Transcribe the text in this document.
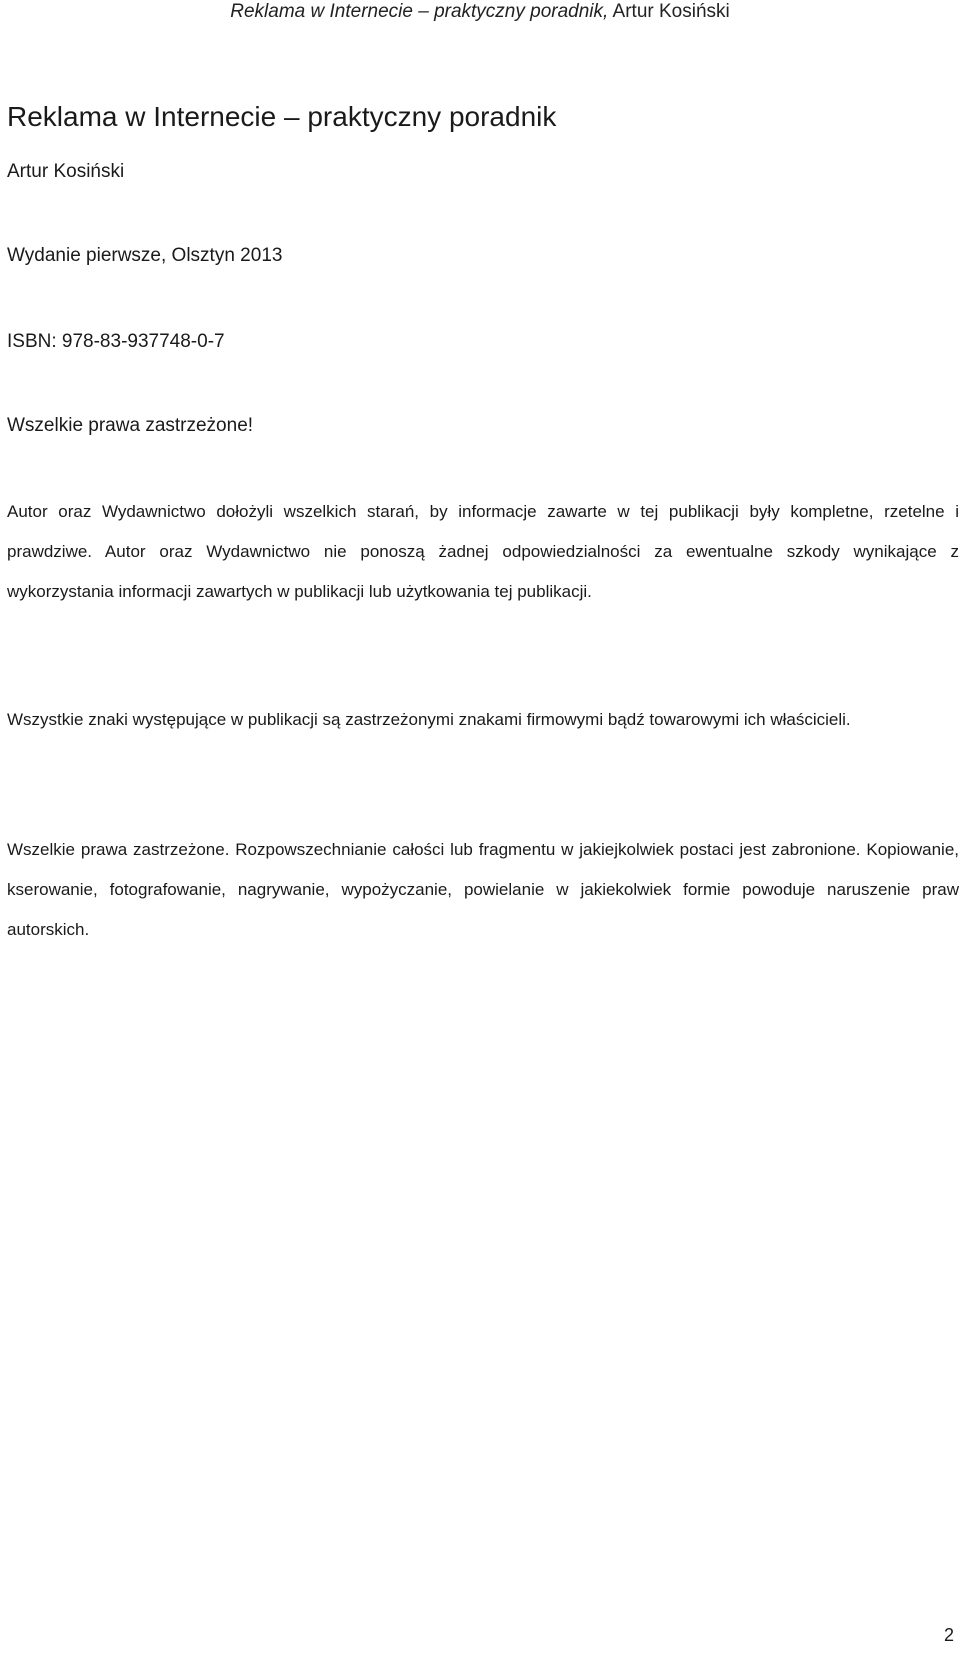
Reklama w Internecie – praktyczny poradnik, Artur Kosiński
Reklama w Internecie – praktyczny poradnik

Artur Kosiński

Wydanie pierwsze, Olsztyn 2013

ISBN: 978-83-937748-0-7

Wszelkie prawa zastrzeżone!

Autor oraz Wydawnictwo dołożyli wszelkich starań, by informacje zawarte w tej publikacji były kompletne, rzetelne i prawdziwe. Autor oraz Wydawnictwo nie ponoszą żadnej odpowiedzialności za ewentualne szkody wynikające z wykorzystania informacji zawartych w publikacji lub użytkowania tej publikacji.

Wszystkie znaki występujące w publikacji są zastrzeżonymi znakami firmowymi bądź towarowymi ich właścicieli.

Wszelkie prawa zastrzeżone. Rozpowszechnianie całości lub fragmentu w jakiejkolwiek postaci jest zabronione. Kopiowanie, kserowanie, fotografowanie, nagrywanie, wypożyczanie, powielanie w jakiekolwiek formie powoduje naruszenie praw autorskich.

2
